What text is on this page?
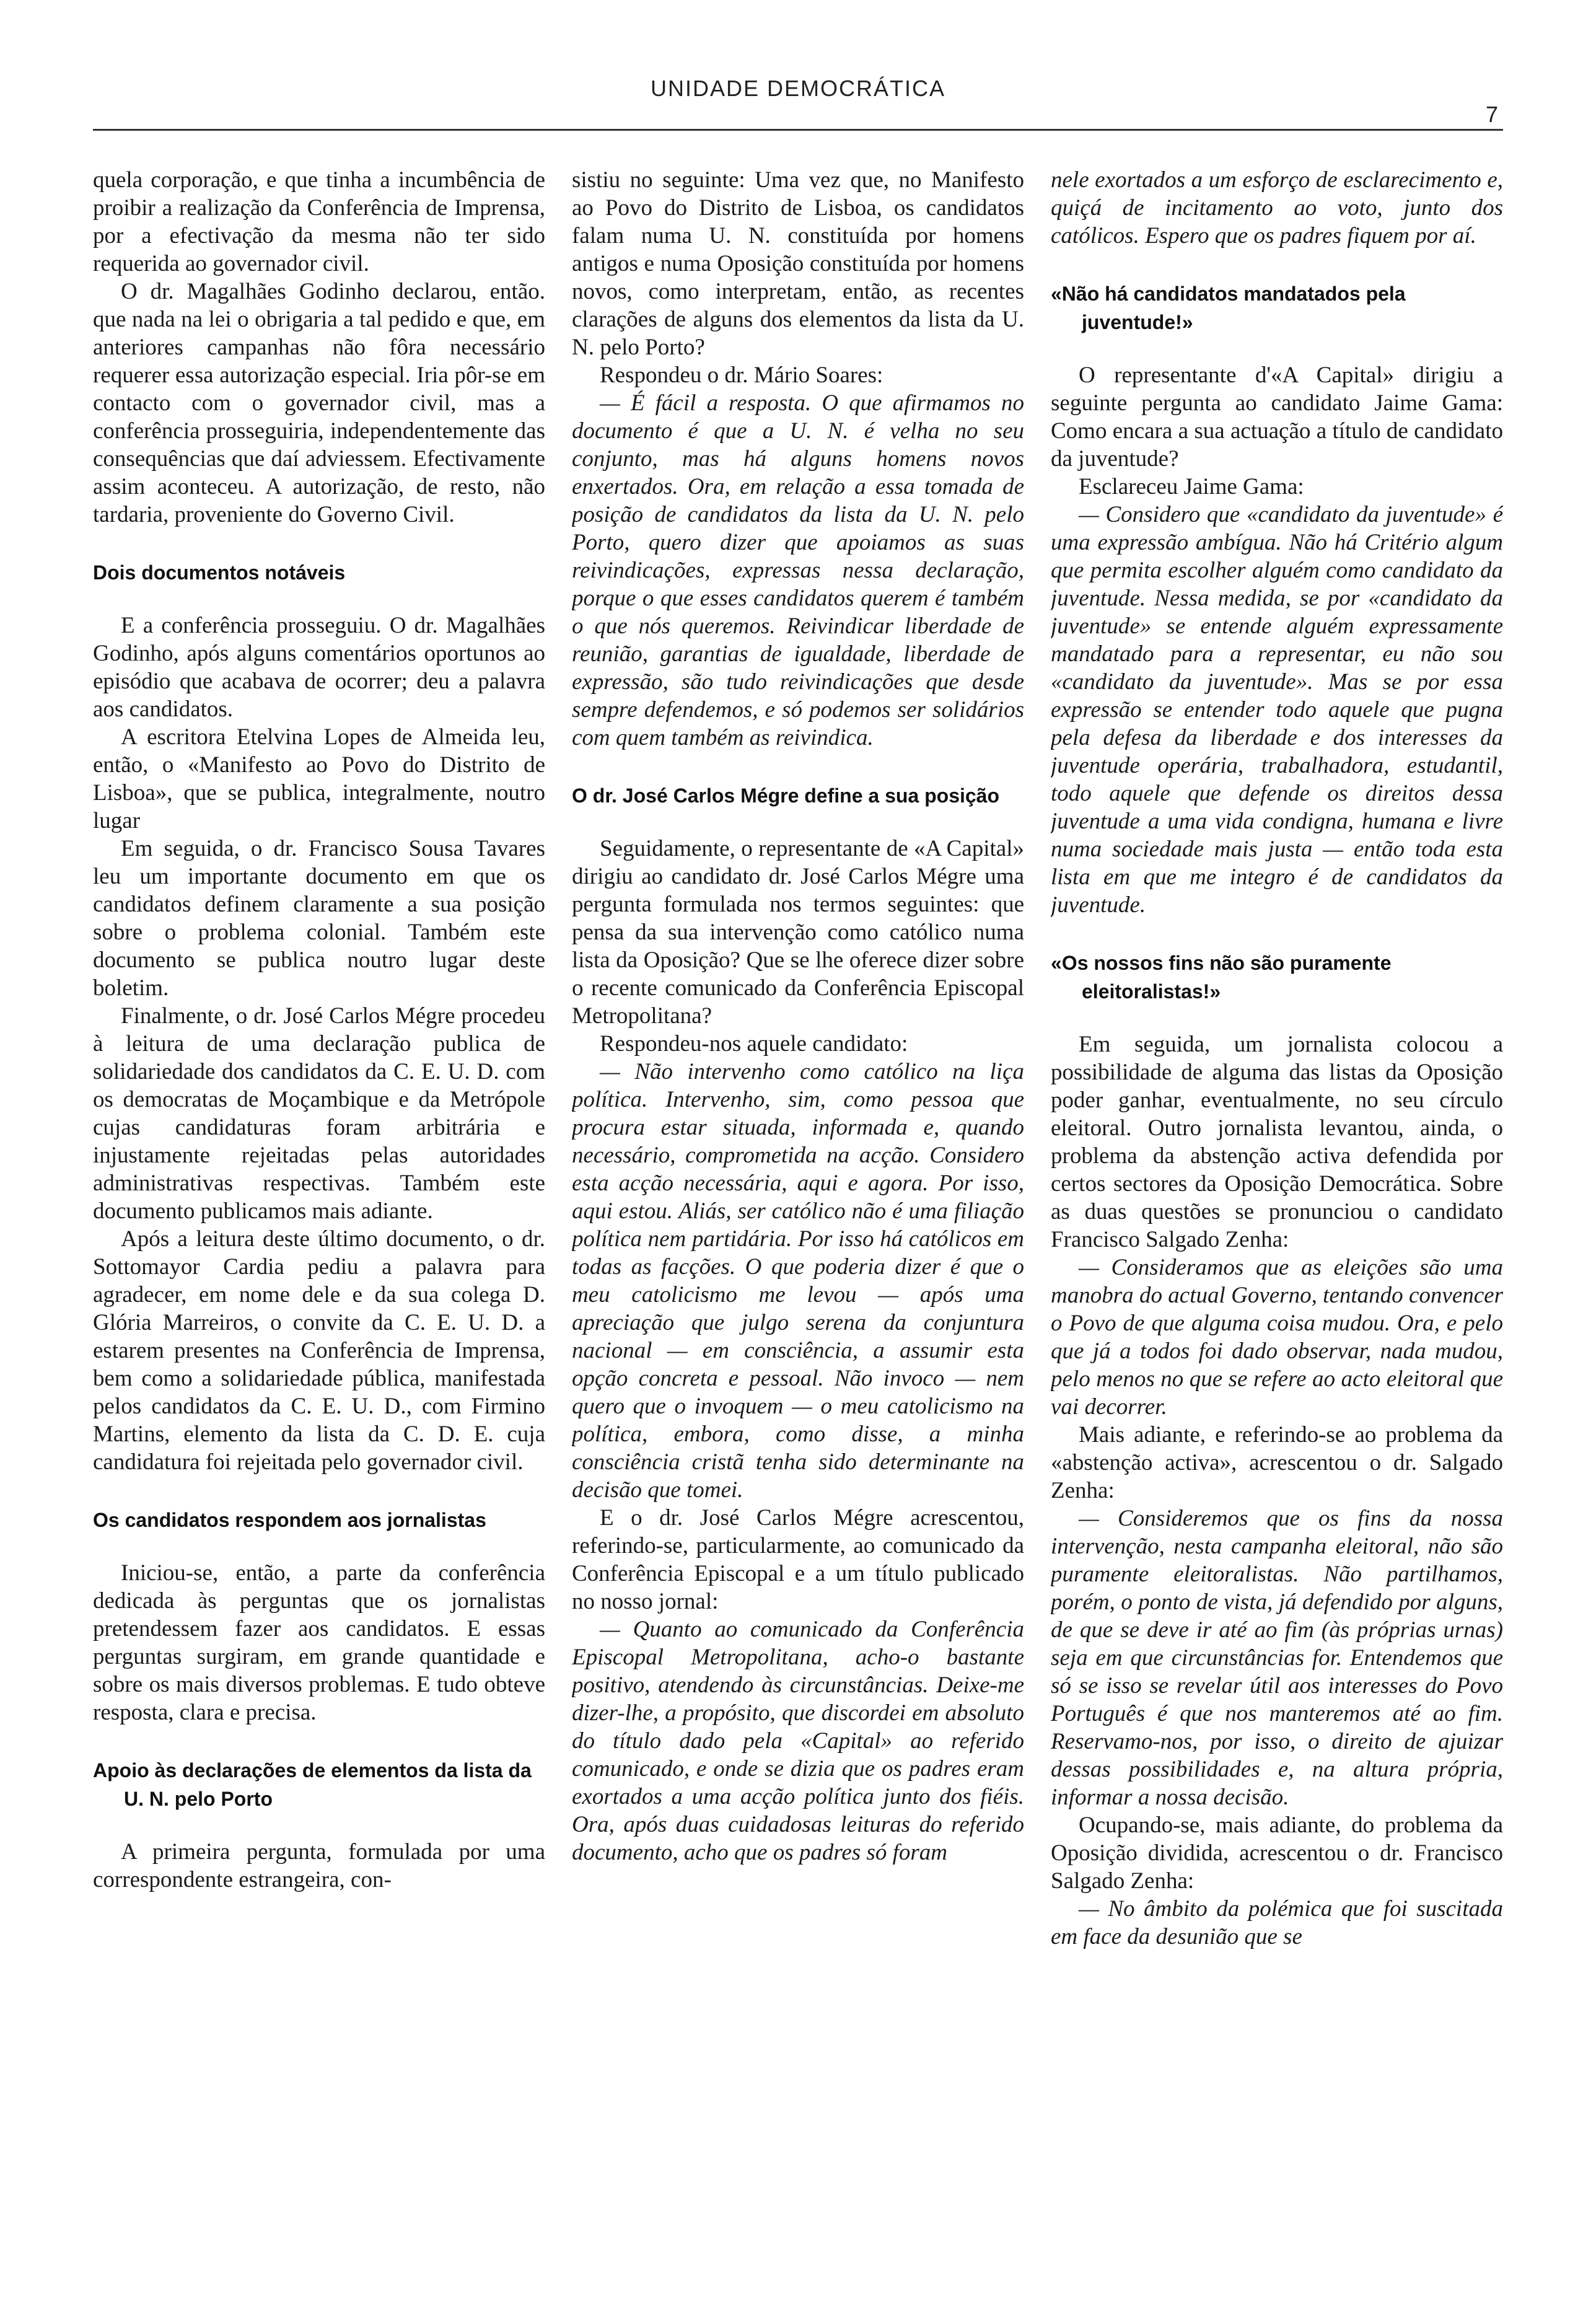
UNIDADE DEMOCRÁTICA
7

quela corporação, e que tinha a incumbência de proibir a realização da Conferência de Imprensa, por a efectivação da mesma não ter sido requerida ao governador civil.

O dr. Magalhães Godinho declarou, então. que nada na lei o obrigaria a tal pedido e que, em anteriores campanhas não fôra necessário requerer essa autorização especial. Iria pôr-se em contacto com o governador civil, mas a conferência prosseguiria, independentemente das consequências que daí adviessem. Efectivamente assim aconteceu. A autorização, de resto, não tardaria, proveniente do Governo Civil.

Dois documentos notáveis

E a conferência prosseguiu. O dr. Magalhães Godinho, após alguns comentários oportunos ao episódio que acabava de ocorrer; deu a palavra aos candidatos.

A escritora Etelvina Lopes de Almeida leu, então, o «Manifesto ao Povo do Distrito de Lisboa», que se publica, integralmente, noutro lugar

Em seguida, o dr. Francisco Sousa Tavares leu um importante documento em que os candidatos definem claramente a sua posição sobre o problema colonial. Também este documento se publica noutro lugar deste boletim.

Finalmente, o dr. José Carlos Mégre procedeu à leitura de uma declaração publica de solidariedade dos candidatos da C. E. U. D. com os democratas de Moçambique e da Metrópole cujas candidaturas foram arbitrária e injustamente rejeitadas pelas autoridades administrativas respectivas. Também este documento publicamos mais adiante.

Após a leitura deste último documento, o dr. Sottomayor Cardia pediu a palavra para agradecer, em nome dele e da sua colega D. Glória Marreiros, o convite da C. E. U. D. a estarem presentes na Conferência de Imprensa, bem como a solidariedade pública, manifestada pelos candidatos da C. E. U. D., com Firmino Martins, elemento da lista da C. D. E. cuja candidatura foi rejeitada pelo governador civil.

Os candidatos respondem aos jornalistas

Iniciou-se, então, a parte da conferência dedicada às perguntas que os jornalistas pretendessem fazer aos candidatos. E essas perguntas surgiram, em grande quantidade e sobre os mais diversos problemas. E tudo obteve resposta, clara e precisa.

Apoio às declarações de elementos da lista da U. N. pelo Porto

A primeira pergunta, formulada por uma correspondente estrangeira, con-

sistiu no seguinte: Uma vez que, no Manifesto ao Povo do Distrito de Lisboa, os candidatos falam numa U. N. constituída por homens antigos e numa Oposição constituída por homens novos, como interpretam, então, as recentes clarações de alguns dos elementos da lista da U. N. pelo Porto?

Respondeu o dr. Mário Soares:

— É fácil a resposta. O que afirmamos no documento é que a U. N. é velha no seu conjunto, mas há alguns homens novos enxertados. Ora, em relação a essa tomada de posição de candidatos da lista da U. N. pelo Porto, quero dizer que apoiamos as suas reivindicações, expressas nessa declaração, porque o que esses candidatos querem é também o que nós queremos. Reivindicar liberdade de reunião, garantias de igualdade, liberdade de expressão, são tudo reivindicações que desde sempre defendemos, e só podemos ser solidários com quem também as reivindica.

O dr. José Carlos Mégre define a sua posição

Seguidamente, o representante de «A Capital» dirigiu ao candidato dr. José Carlos Mégre uma pergunta formulada nos termos seguintes: que pensa da sua intervenção como católico numa lista da Oposição? Que se lhe oferece dizer sobre o recente comunicado da Conferência Episcopal Metropolitana?

Respondeu-nos aquele candidato:

— Não intervenho como católico na liça política. Intervenho, sim, como pessoa que procura estar situada, informada e, quando necessário, comprometida na acção. Considero esta acção necessária, aqui e agora. Por isso, aqui estou. Aliás, ser católico não é uma filiação política nem partidária. Por isso há católicos em todas as facções. O que poderia dizer é que o meu catolicismo me levou — após uma apreciação que julgo serena da conjuntura nacional — em consciência, a assumir esta opção concreta e pessoal. Não invoco — nem quero que o invoquem — o meu catolicismo na política, embora, como disse, a minha consciência cristã tenha sido determinante na decisão que tomei.

E o dr. José Carlos Mégre acrescentou, referindo-se, particularmente, ao comunicado da Conferência Episcopal e a um título publicado no nosso jornal:

— Quanto ao comunicado da Conferência Episcopal Metropolitana, acho-o bastante positivo, atendendo às circunstâncias. Deixe-me dizer-lhe, a propósito, que discordei em absoluto do título dado pela «Capital» ao referido comunicado, e onde se dizia que os padres eram exortados a uma acção política junto dos fiéis. Ora, após duas cuidadosas leituras do referido documento, acho que os padres só foram

nele exortados a um esforço de esclarecimento e, quiçá de incitamento ao voto, junto dos católicos. Espero que os padres fiquem por aí.

«Não há candidatos mandatados pela juventude!»

O representante d'«A Capital» dirigiu a seguinte pergunta ao candidato Jaime Gama: Como encara a sua actuação a título de candidato da juventude?

Esclareceu Jaime Gama:

— Considero que «candidato da juventude» é uma expressão ambígua. Não há Critério algum que permita escolher alguém como candidato da juventude. Nessa medida, se por «candidato da juventude» se entende alguém expressamente mandatado para a representar, eu não sou «candidato da juventude». Mas se por essa expressão se entender todo aquele que pugna pela defesa da liberdade e dos interesses da juventude operária, trabalhadora, estudantil, todo aquele que defende os direitos dessa juventude a uma vida condigna, humana e livre numa sociedade mais justa — então toda esta lista em que me integro é de candidatos da juventude.

«Os nossos fins não são puramente eleitoralistas!»

Em seguida, um jornalista colocou a possibilidade de alguma das listas da Oposição poder ganhar, eventualmente, no seu círculo eleitoral. Outro jornalista levantou, ainda, o problema da abstenção activa defendida por certos sectores da Oposição Democrática. Sobre as duas questões se pronunciou o candidato Francisco Salgado Zenha:

— Consideramos que as eleições são uma manobra do actual Governo, tentando convencer o Povo de que alguma coisa mudou. Ora, e pelo que já a todos foi dado observar, nada mudou, pelo menos no que se refere ao acto eleitoral que vai decorrer.

Mais adiante, e referindo-se ao problema da «abstenção activa», acrescentou o dr. Salgado Zenha:

— Consideremos que os fins da nossa intervenção, nesta campanha eleitoral, não são puramente eleitoralistas. Não partilhamos, porém, o ponto de vista, já defendido por alguns, de que se deve ir até ao fim (às próprias urnas) seja em que circunstâncias for. Entendemos que só se isso se revelar útil aos interesses do Povo Português é que nos manteremos até ao fim. Reservamo-nos, por isso, o direito de ajuizar dessas possibilidades e, na altura própria, informar a nossa decisão.

Ocupando-se, mais adiante, do problema da Oposição dividida, acrescentou o dr. Francisco Salgado Zenha:

— No âmbito da polémica que foi suscitada em face da desunião que se
